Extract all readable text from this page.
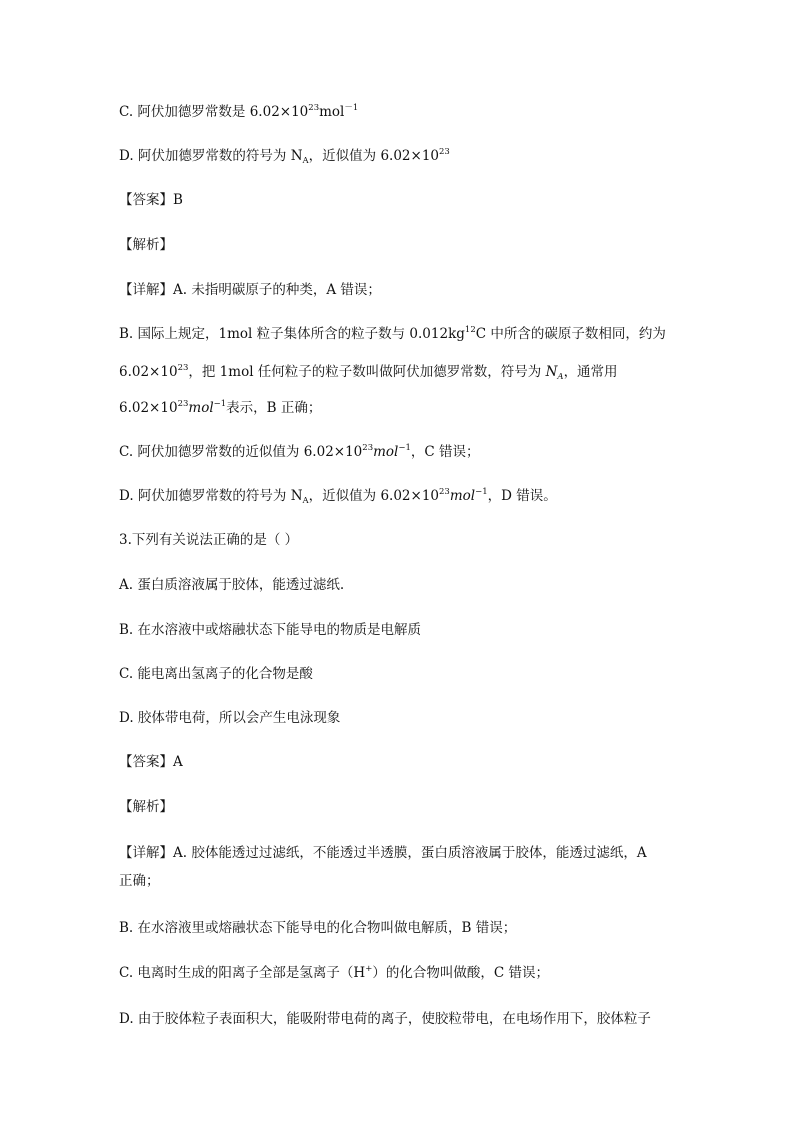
C. 阿伏加德罗常数是 $6.02\times 10^{23}mol^{-1}$
D. 阿伏加德罗常数的符号为 $N_A$，近似值为 $6.02\times 10^{23}$
【答案】B
【解析】
【详解】A. 未指明碳原子的种类，A 错误；
B. 国际上规定，1mol 粒子集体所含的粒子数与 $0.012kg^{12}C$ 中所含的碳原子数相同，约为
$6.02\times 10^{23}$，把 1mol 任何粒子的粒子数叫做阿伏加德罗常数，符号为 $N_A$，通常用
$6.02\times 10^{23}mol^{-1}$表示，B 正确；
C. 阿伏加德罗常数的近似值为 $6.02\times 10^{23}mol^{-1}$，C 错误；
D. 阿伏加德罗常数的符号为 $N_A$，近似值为 $6.02\times 10^{23}mol^{-1}$，D 错误。
3.下列有关说法正确的是（ ）
A. 蛋白质溶液属于胶体，能透过滤纸.
B. 在水溶液中或熔融状态下能导电的物质是电解质
C. 能电离出氢离子的化合物是酸
D. 胶体带电荷，所以会产生电泳现象
【答案】A
【解析】
【详解】A. 胶体能透过过滤纸，不能透过半透膜，蛋白质溶液属于胶体，能透过滤纸，A
正确；
B. 在水溶液里或熔融状态下能导电的化合物叫做电解质，B 错误；
C. 电离时生成的阳离子全部是氢离子（H+）的化合物叫做酸，C 错误；
D. 由于胶体粒子表面积大，能吸附带电荷的离子，使胶粒带电，在电场作用下，胶体粒子
